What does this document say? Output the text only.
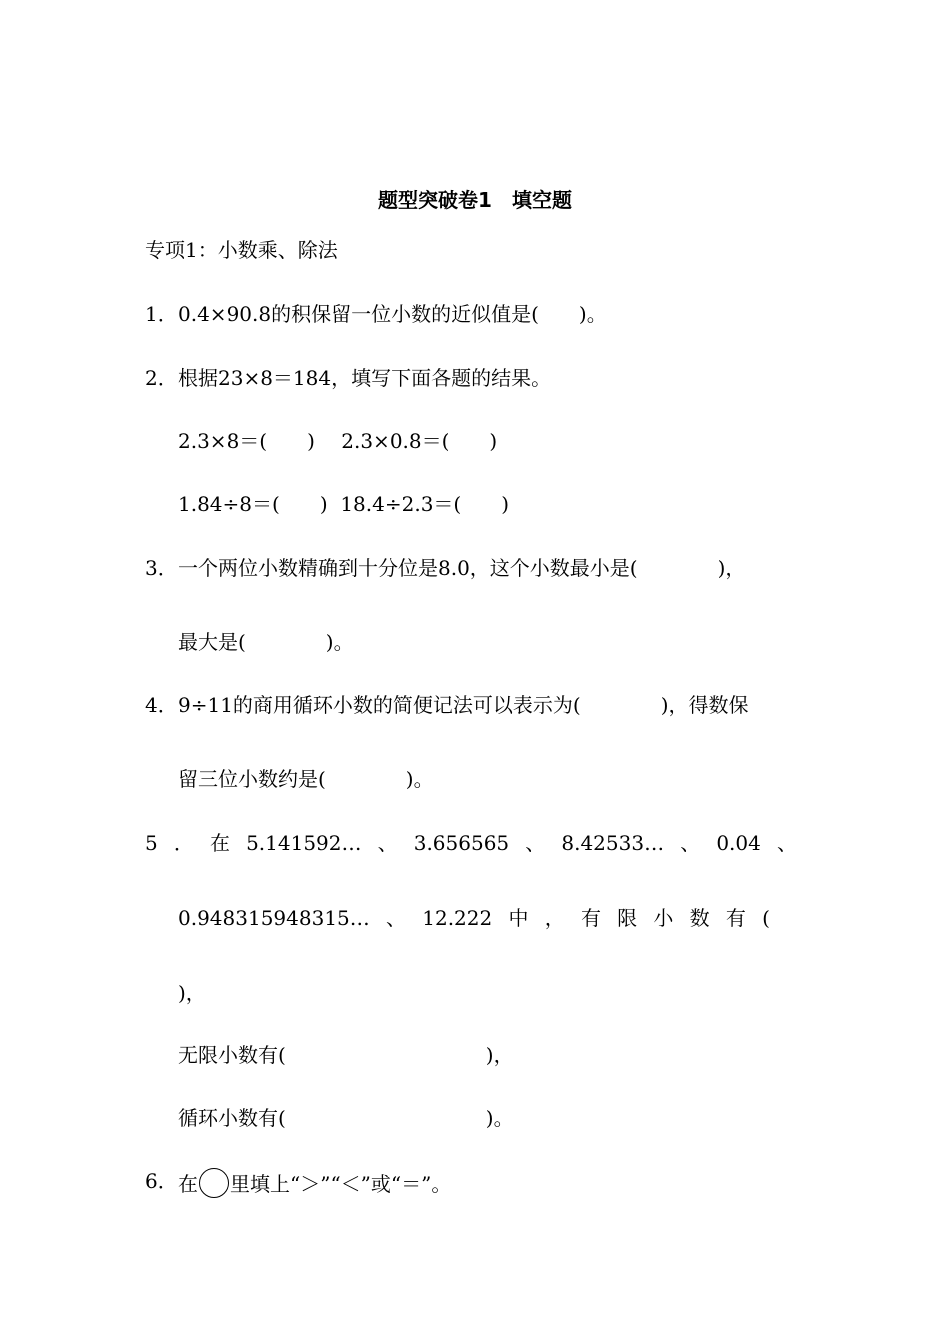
题型突破卷1　填空题
专项1：小数乘、除法
1． 0.4×90.8的积保留一位小数的近似值是(　　)。
2． 根据23×8＝184，填写下面各题的结果。
2.3×8＝(　　)　 2.3×0.8＝(　　)
1.84÷8＝(　　)  18.4÷2.3＝(　　)
3． 一个两位小数精确到十分位是8.0，这个小数最小是(　　　　)，
最大是(　　　　)。
4． 9÷11的商用循环小数的简便记法可以表示为(　　　　)，得数保
留三位小数约是(　　　　)。
5 ． 在 5.141592… 、 3.656565 、 8.42533… 、 0.04 、
0.948315948315… 、 12.222 中 ， 有 限 小 数 有 (
)，
无限小数有(　　　　　　　　　　)，
循环小数有(　　　　　　　　　　)。
6． 在 里填上“＞”“＜”或“＝”。
